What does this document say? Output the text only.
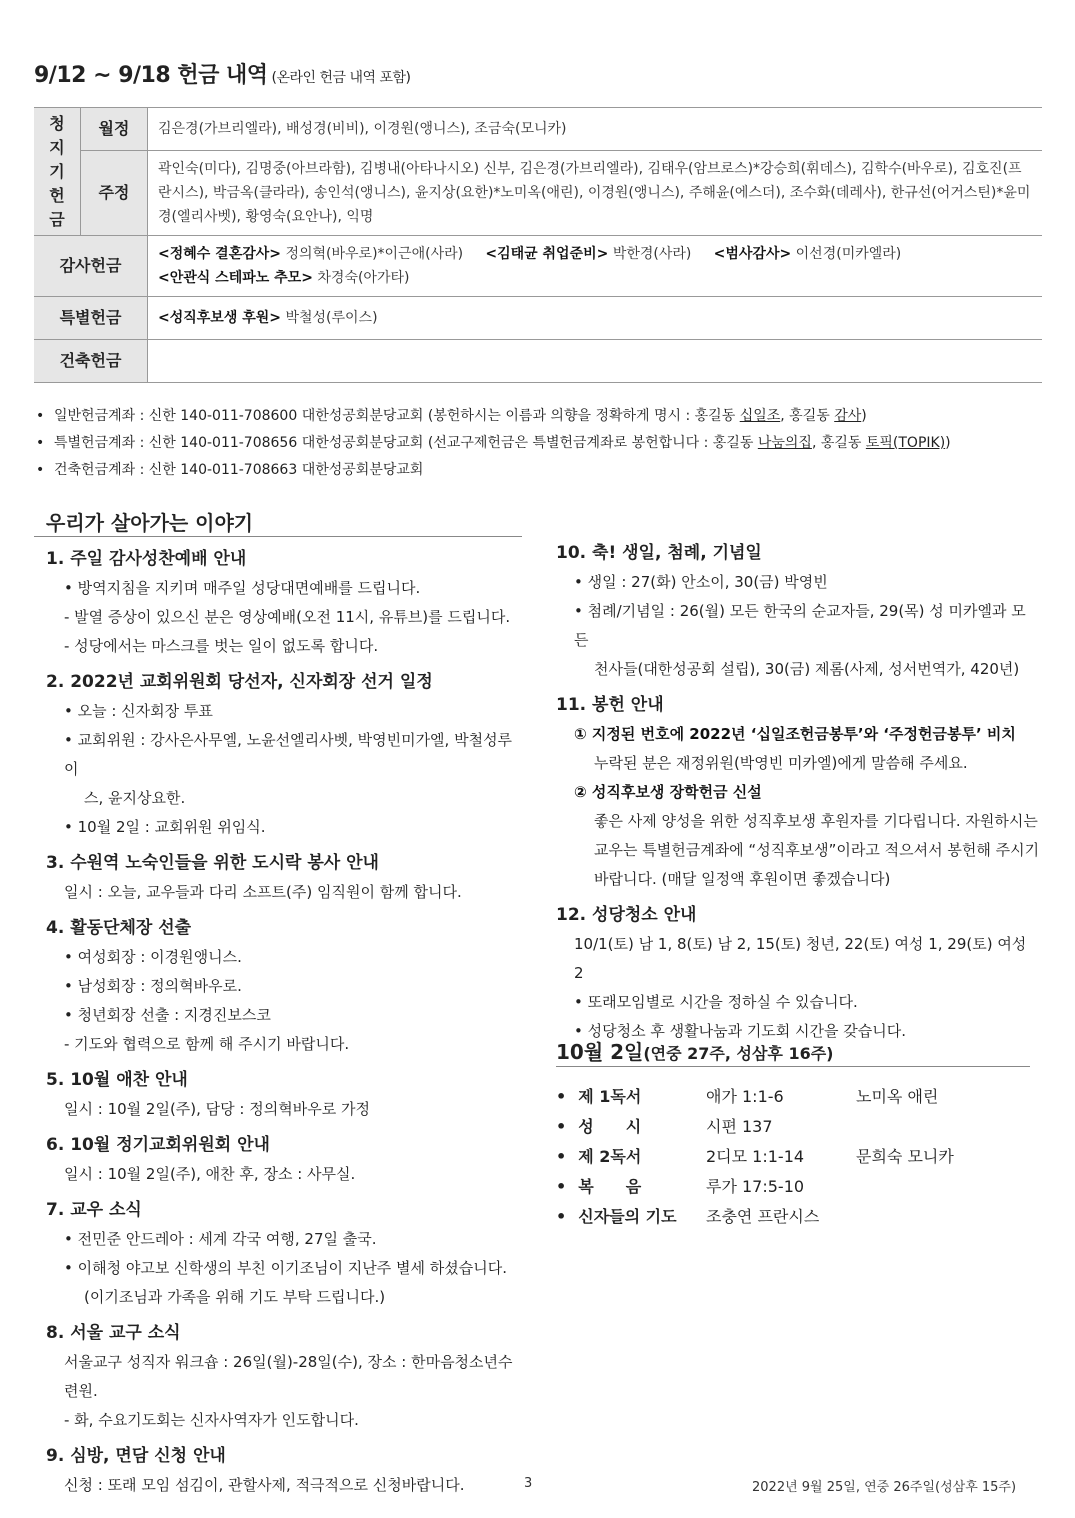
9/12 ~ 9/18 헌금 내역 (온라인 헌금 내역 포함)
청
지
기
헌
금	월정	김은경(가브리엘라), 배성경(비비), 이경원(앵니스), 조금숙(모니카)
	주정	곽인숙(미다), 김명중(아브라함), 김병내(아타나시오) 신부, 김은경(가브리엘라), 김태우(암브로스)*강승희(휘데스), 김학수(바우로), 김호진(프란시스), 박금옥(클라라), 송인석(앵니스), 윤지상(요한)*노미옥(애린), 이경원(앵니스), 주해윤(에스더), 조수화(데레사), 한규선(어거스틴)*윤미경(엘리사벳), 황영숙(요안나), 익명
감사헌금		<정혜수 결혼감사> 정의혁(바우로)*이근애(사라) <김태균 취업준비> 박한경(사라) <범사감사> 이선경(미카엘라)
<안관식 스테파노 추모> 차경숙(아가타)
특별헌금		<성직후보생 후원> 박철성(루이스)
건축헌금		
• 일반헌금계좌 : 신한 140-011-708600 대한성공회분당교회 (봉헌하시는 이름과 의향을 정확하게 명시 : 홍길동 십일조, 홍길동 감사)
• 특별헌금계좌 : 신한 140-011-708656 대한성공회분당교회 (선교구제헌금은 특별헌금계좌로 봉헌합니다 : 홍길동 나눔의집, 홍길동 토픽(TOPIK))
• 건축헌금계좌 : 신한 140-011-708663 대한성공회분당교회
우리가 살아가는 이야기
1. 주일 감사성찬예배 안내
• 방역지침을 지키며 매주일 성당대면예배를 드립니다.
- 발열 증상이 있으신 분은 영상예배(오전 11시, 유튜브)를 드립니다.
- 성당에서는 마스크를 벗는 일이 없도록 합니다.
2. 2022년 교회위원회 당선자, 신자회장 선거 일정
• 오늘 : 신자회장 투표
• 교회위원 : 강사은사무엘, 노윤선엘리사벳, 박영빈미가엘, 박철성루이
스, 윤지상요한.
• 10월 2일 : 교회위원 위임식.
3. 수원역 노숙인들을 위한 도시락 봉사 안내
일시 : 오늘, 교우들과 다리 소프트(주) 임직원이 함께 합니다.
4. 활동단체장 선출
• 여성회장 : 이경원앵니스.
• 남성회장 : 정의혁바우로.
• 청년회장 선출 : 지경진보스코
- 기도와 협력으로 함께 해 주시기 바랍니다.
5. 10월 애찬 안내
일시 : 10월 2일(주), 담당 : 정의혁바우로 가정
6. 10월 정기교회위원회 안내
일시 : 10월 2일(주), 애찬 후, 장소 : 사무실.
7. 교우 소식
• 전민준 안드레아 : 세계 각국 여행, 27일 출국.
• 이해청 야고보 신학생의 부친 이기조님이 지난주 별세 하셨습니다.
(이기조님과 가족을 위해 기도 부탁 드립니다.)
8. 서울 교구 소식
서울교구 성직자 워크숍 : 26일(월)-28일(수), 장소 : 한마음청소년수련원.
- 화, 수요기도회는 신자사역자가 인도합니다.
9. 심방, 면담 신청 안내
신청 : 또래 모임 섬김이, 관할사제, 적극적으로 신청바랍니다.
10. 축! 생일, 첨례, 기념일
• 생일 : 27(화) 안소이, 30(금) 박영빈
• 첨례/기념일 : 26(월) 모든 한국의 순교자들, 29(목) 성 미카엘과 모든
천사들(대한성공회 설립), 30(금) 제롬(사제, 성서번역가, 420년)
11. 봉헌 안내
① 지정된 번호에 2022년 ‘십일조헌금봉투’와 ‘주정헌금봉투’ 비치
누락된 분은 재정위원(박영빈 미카엘)에게 말씀해 주세요.
② 성직후보생 장학헌금 신설
좋은 사제 양성을 위한 성직후보생 후원자를 기다립니다. 자원하시는
교우는 특별헌금계좌에 “성직후보생”이라고 적으셔서 봉헌해 주시기
바랍니다. (매달 일정액 후원이면 좋겠습니다)
12. 성당청소 안내
10/1(토) 남 1, 8(토) 남 2, 15(토) 청년, 22(토) 여성 1, 29(토) 여성 2
• 또래모임별로 시간을 정하실 수 있습니다.
• 성당청소 후 생활나눔과 기도회 시간을 갖습니다.
10월 2일(연중 27주, 성삼후 16주)
• 제 1독서	애가 1:1-6	노미옥 애린
• 성　　시	시편 137
• 제 2독서	2디모 1:1-14	문희숙 모니카
• 복　　음	루가 17:5-10
• 신자들의 기도	조충연 프란시스
3	2022년 9월 25일, 연중 26주일(성삼후 15주)
